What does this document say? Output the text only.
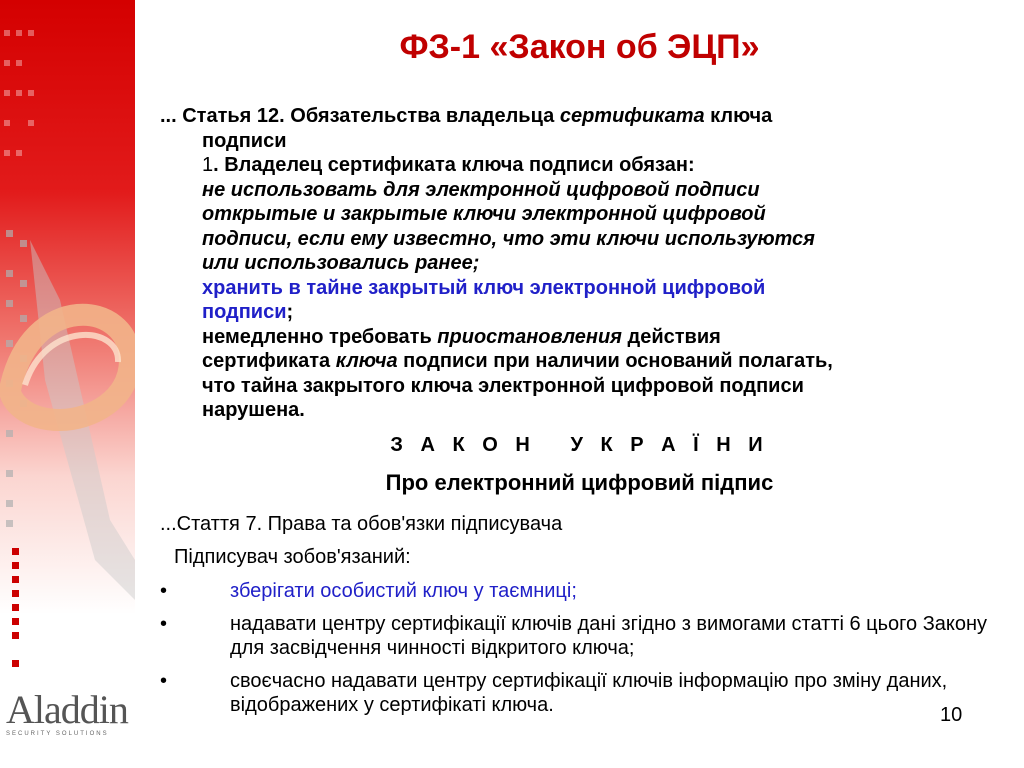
Aladdin
SECURITY SOLUTIONS
ФЗ-1 «Закон об ЭЦП»
... Статья 12. Обязательства владельца сертификата ключа
подписи
1. Владелец сертификата ключа подписи обязан:
не использовать для электронной цифровой подписи
открытые и закрытые ключи электронной цифровой
подписи, если ему известно, что эти ключи используются
или использовались ранее;
хранить в тайне закрытый ключ электронной цифровой
подписи;
немедленно требовать приостановления действия
сертификата ключа подписи при наличии оснований полагать,
что тайна закрытого ключа электронной цифровой подписи
нарушена.
З А К О Н   У К Р А Ї Н И
Про електронний цифровий підпис
...Стаття 7. Права та обов'язки підписувача
Підписувач зобов'язаний:
•	зберігати особистий ключ у таємниці;
•	надавати центру сертифікації ключів дані згідно з вимогами статті 6 цього Закону для засвідчення чинності відкритого ключа;
•	своєчасно надавати центру сертифікації ключів інформацію про зміну даних, відображених у сертифікаті ключа.	10
